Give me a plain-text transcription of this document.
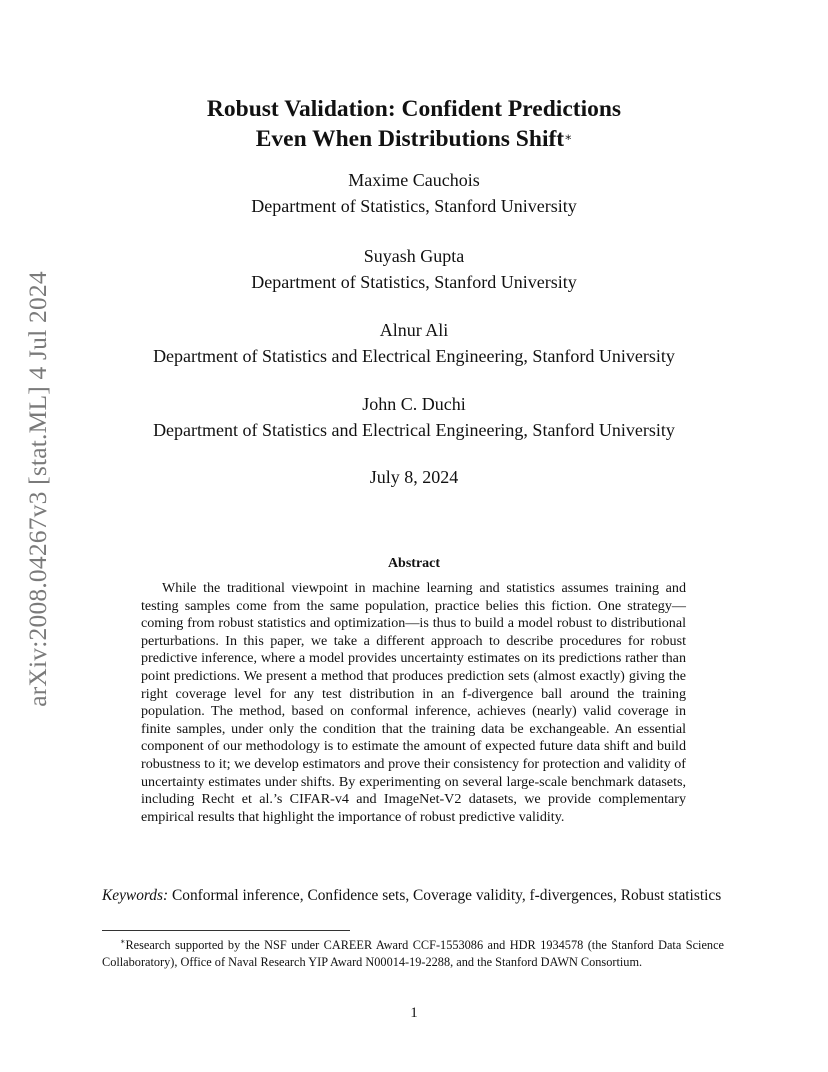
arXiv:2008.04267v3 [stat.ML] 4 Jul 2024
Robust Validation: Confident Predictions
Even When Distributions Shift∗
Maxime Cauchois
Department of Statistics, Stanford University
Suyash Gupta
Department of Statistics, Stanford University
Alnur Ali
Department of Statistics and Electrical Engineering, Stanford University
John C. Duchi
Department of Statistics and Electrical Engineering, Stanford University
July 8, 2024
Abstract
While the traditional viewpoint in machine learning and statistics assumes training and testing samples come from the same population, practice belies this fiction. One strategy—coming from robust statistics and optimization—is thus to build a model robust to distributional perturbations. In this paper, we take a different approach to describe procedures for robust predictive inference, where a model provides uncertainty estimates on its predictions rather than point predictions. We present a method that produces prediction sets (almost exactly) giving the right coverage level for any test distribution in an f-divergence ball around the training population. The method, based on conformal inference, achieves (nearly) valid coverage in finite samples, under only the condition that the training data be exchangeable. An essential component of our methodology is to estimate the amount of expected future data shift and build robustness to it; we develop estimators and prove their consistency for protection and validity of uncertainty estimates under shifts. By experimenting on several large-scale benchmark datasets, including Recht et al.’s CIFAR-v4 and ImageNet-V2 datasets, we provide complementary empirical results that highlight the importance of robust predictive validity.
Keywords: Conformal inference, Confidence sets, Coverage validity, f-divergences, Robust statistics
∗Research supported by the NSF under CAREER Award CCF-1553086 and HDR 1934578 (the Stanford Data Science Collaboratory), Office of Naval Research YIP Award N00014-19-2288, and the Stanford DAWN Consortium.
1
